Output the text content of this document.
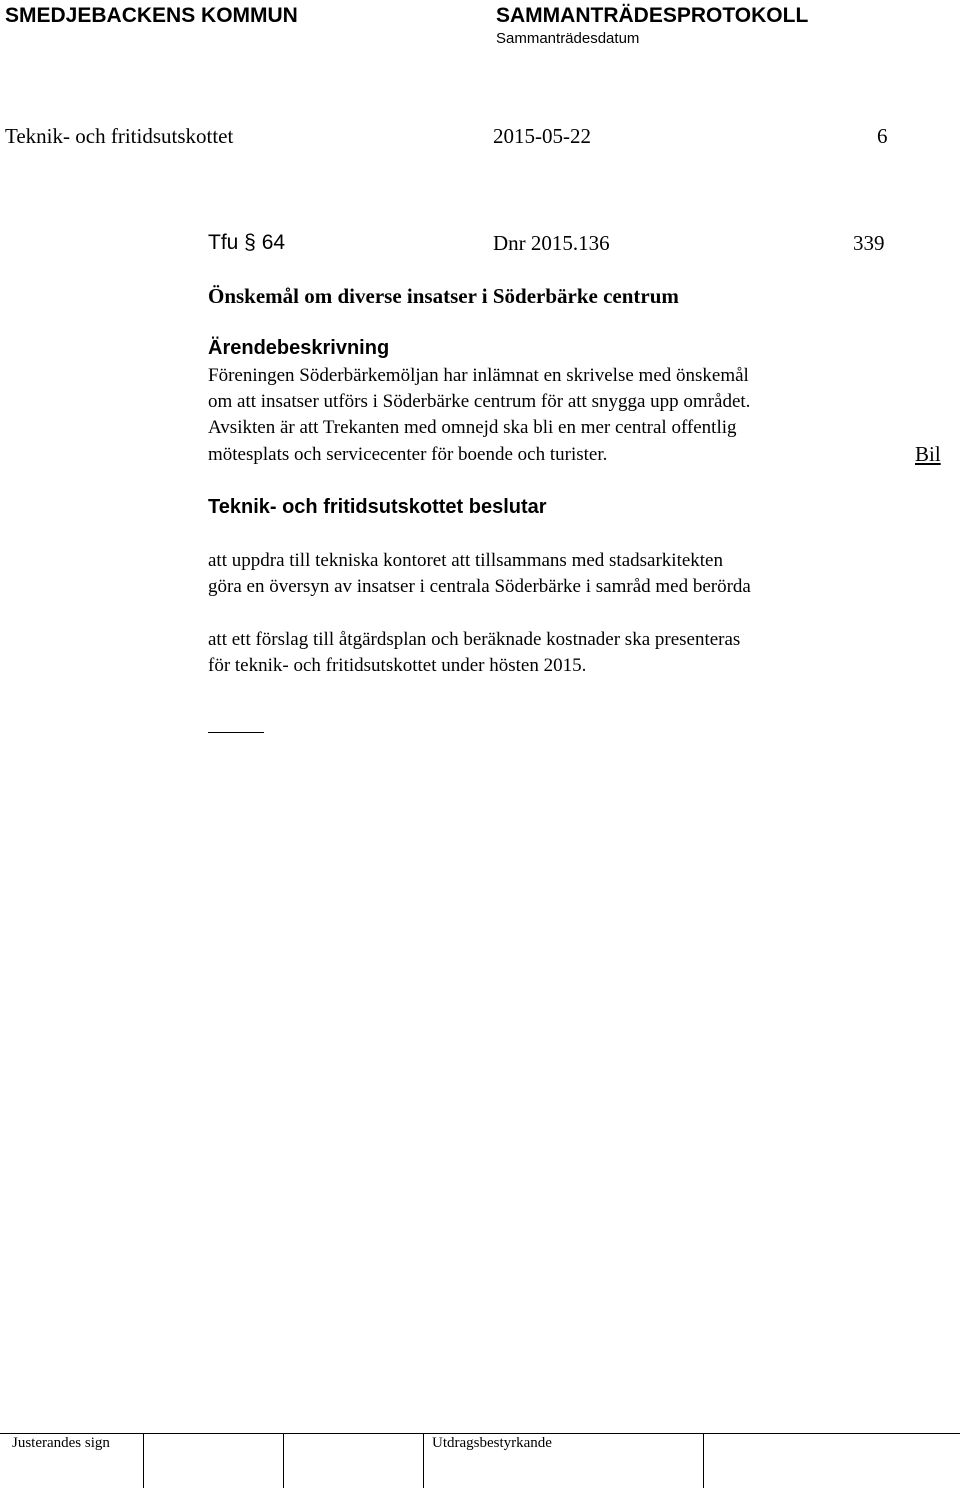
SMEDJEBACKENS KOMMUN	SAMMANTRÄDESPROTOKOLL
Sammanträdesdatum
Teknik- och fritidsutskottet	2015-05-22	6
Tfu § 64	Dnr 2015.136	339
Önskemål om diverse insatser i Söderbärke centrum
Ärendebeskrivning
Föreningen Söderbärkemöljan har inlämnat en skrivelse med önskemål
om att insatser utförs i Söderbärke centrum för att snygga upp området.
Avsikten är att Trekanten med omnejd ska bli en mer central offentlig
mötesplats och servicecenter för boende och turister.	Bil
Teknik- och fritidsutskottet beslutar
att uppdra till tekniska kontoret att tillsammans med stadsarkitekten
göra en översyn av insatser i centrala Söderbärke i samråd med berörda
att ett förslag till åtgärdsplan och beräknade kostnader ska presenteras
för teknik- och fritidsutskottet under hösten 2015.
Justerandes sign	Utdragsbestyrkande
